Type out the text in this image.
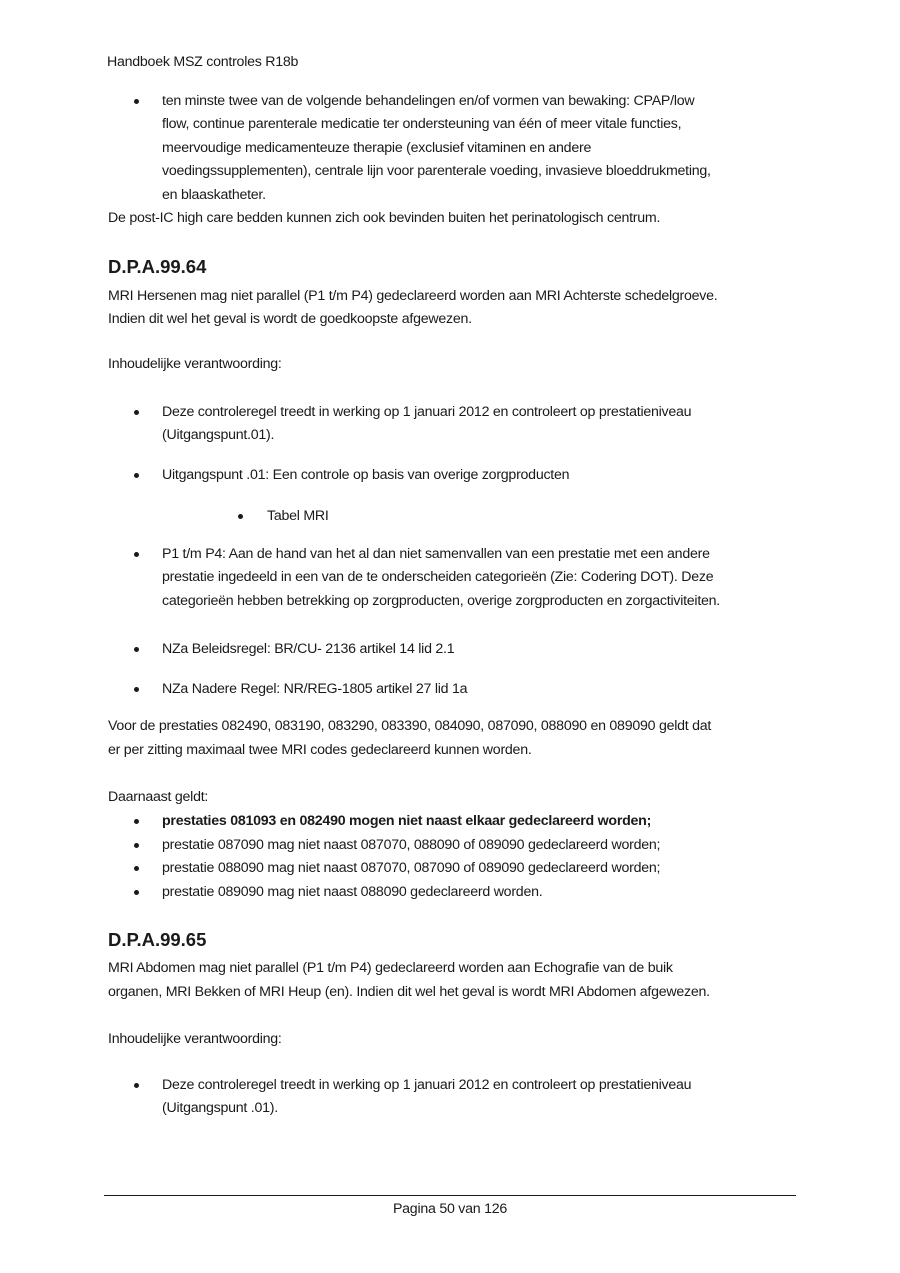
Handboek MSZ controles R18b
ten minste twee van de volgende behandelingen en/of vormen van bewaking: CPAP/low
flow, continue parenterale medicatie ter ondersteuning van één of meer vitale functies,
meervoudige medicamenteuze therapie (exclusief vitaminen en andere
voedingssupplementen), centrale lijn voor parenterale voeding, invasieve bloeddrukmeting,
en blaaskatheter.
De post-IC high care bedden kunnen zich ook bevinden buiten het perinatologisch centrum.
D.P.A.99.64
MRI Hersenen mag niet parallel (P1 t/m P4) gedeclareerd worden aan MRI Achterste schedelgroeve.
Indien dit wel het geval is wordt de goedkoopste afgewezen.
Inhoudelijke verantwoording:
Deze controleregel treedt in werking op 1 januari 2012 en controleert op prestatieniveau
(Uitgangspunt.01).
Uitgangspunt .01: Een controle op basis van overige zorgproducten
Tabel MRI
P1 t/m P4: Aan de hand van het al dan niet samenvallen van een prestatie met een andere
prestatie ingedeeld in een van de te onderscheiden categorieën (Zie: Codering DOT). Deze
categorieën hebben betrekking op zorgproducten, overige zorgproducten en zorgactiviteiten.
NZa Beleidsregel: BR/CU- 2136 artikel 14 lid 2.1
NZa Nadere Regel: NR/REG-1805 artikel 27 lid 1a
Voor de prestaties 082490, 083190, 083290, 083390, 084090, 087090, 088090 en 089090 geldt dat
er per zitting maximaal twee MRI codes gedeclareerd kunnen worden.
Daarnaast geldt:
prestaties 081093 en 082490 mogen niet naast elkaar gedeclareerd worden;
prestatie 087090 mag niet naast 087070, 088090 of 089090 gedeclareerd worden;
prestatie 088090 mag niet naast 087070, 087090 of 089090 gedeclareerd worden;
prestatie 089090 mag niet naast 088090 gedeclareerd worden.
D.P.A.99.65
MRI Abdomen mag niet parallel (P1 t/m P4) gedeclareerd worden aan Echografie van de buik
organen, MRI Bekken of MRI Heup (en). Indien dit wel het geval is wordt MRI Abdomen afgewezen.
Inhoudelijke verantwoording:
Deze controleregel treedt in werking op 1 januari 2012 en controleert op prestatieniveau
(Uitgangspunt .01).
Pagina 50 van 126
